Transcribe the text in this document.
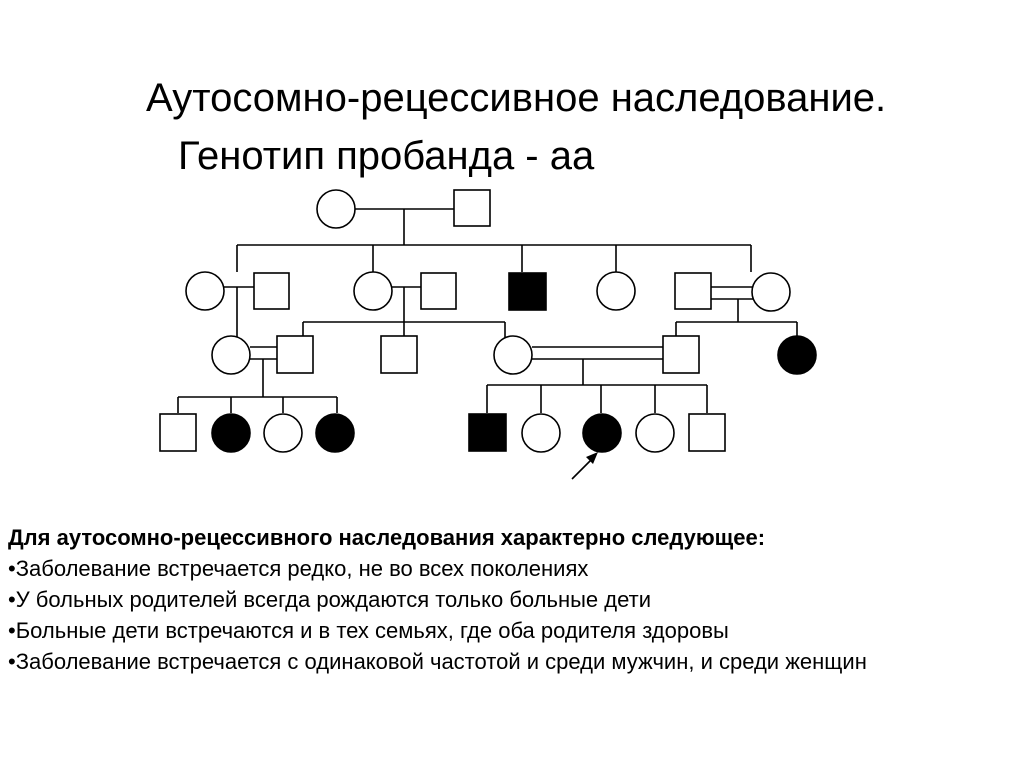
Аутосомно-рецессивное наследование.
Генотип пробанда - аа
Для аутосомно-рецессивного наследования характерно следующее:
•Заболевание встречается редко, не во всех поколениях
•У больных родителей всегда рождаются только больные дети
•Больные дети встречаются и в тех семьях, где оба родителя здоровы
•Заболевание встречается с одинаковой частотой и среди мужчин, и среди женщин
